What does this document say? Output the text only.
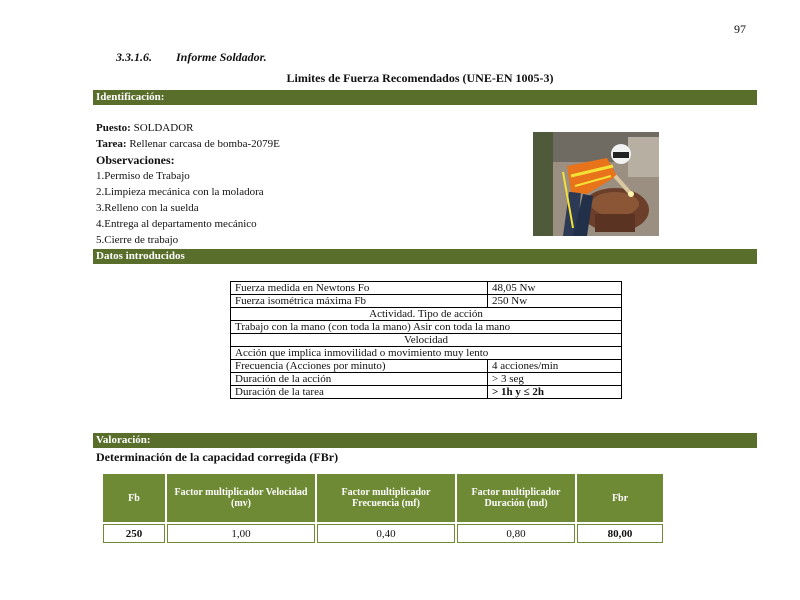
97
3.3.1.6.        Informe Soldador.
Limites de Fuerza Recomendados (UNE-EN 1005-3)
Identificación:
Puesto: SOLDADOR
Tarea: Rellenar carcasa de bomba-2079E
Observaciones:
1.Permiso de Trabajo
2.Limpieza mecánica con la moladora
3.Relleno con la suelda
4.Entrega al departamento mecánico
5.Cierre de trabajo
Datos introducidos
Fuerza medida en Newtons Fo	48,05 Nw
Fuerza isométrica máxima Fb	250 Nw
Actividad. Tipo de acción	
Trabajo con la mano (con toda la mano) Asir con toda la mano	
Velocidad	
Acción que implica inmovilidad o movimiento muy lento	
Frecuencia (Acciones por minuto)	4 acciones/min
Duración de la acción	> 3 seg
Duración de la tarea	> 1h y ≤ 2h
Valoración:
Determinación de la capacidad corregida (FBr)
Fb	Factor multiplicador Velocidad (mv)	Factor multiplicador Frecuencia (mf)	Factor multiplicador Duración (md)	Fbr
250	1,00	0,40	0,80	80,00
